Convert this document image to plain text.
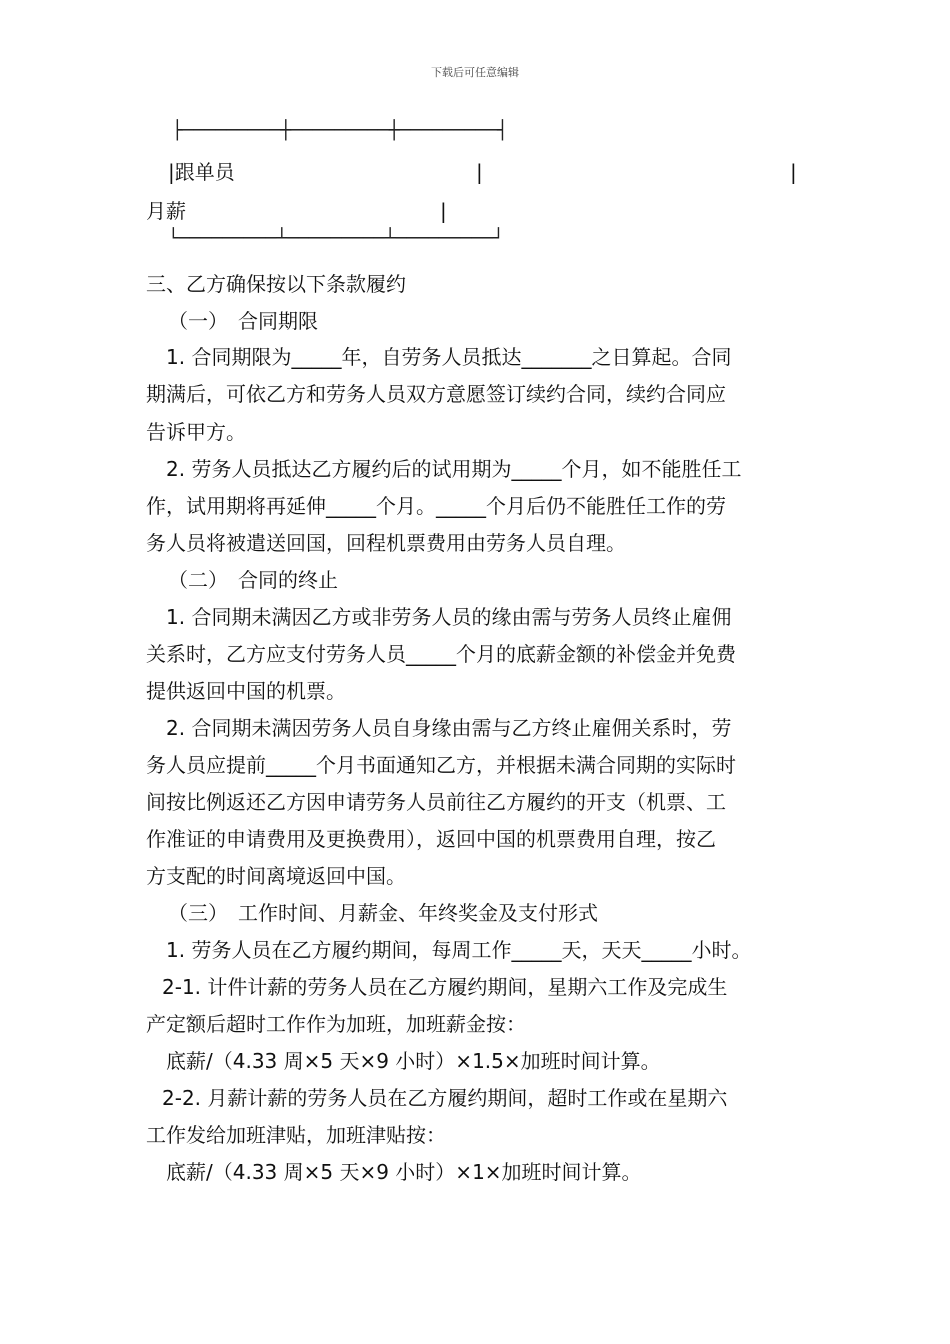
下载后可任意编辑
├─────────┼─────────┼─────────┤
|跟单员	|	|
月薪	|
└─────────┴─────────┴─────────┘
三、乙方确保按以下条款履约
（一）　合同期限
1. 合同期限为_____年，自劳务人员抵达_______之日算起。合同
期满后，可依乙方和劳务人员双方意愿签订续约合同，续约合同应
告诉甲方。
2. 劳务人员抵达乙方履约后的试用期为_____个月，如不能胜任工
作，试用期将再延伸_____个月。_____个月后仍不能胜任工作的劳
务人员将被遣送回国，回程机票费用由劳务人员自理。
（二）　合同的终止
1. 合同期未满因乙方或非劳务人员的缘由需与劳务人员终止雇佣
关系时，乙方应支付劳务人员_____个月的底薪金额的补偿金并免费
提供返回中国的机票。
2. 合同期未满因劳务人员自身缘由需与乙方终止雇佣关系时，劳
务人员应提前_____个月书面通知乙方，并根据未满合同期的实际时
间按比例返还乙方因申请劳务人员前往乙方履约的开支（机票、工
作准证的申请费用及更换费用），返回中国的机票费用自理，按乙
方支配的时间离境返回中国。
（三）　工作时间、月薪金、年终奖金及支付形式
1. 劳务人员在乙方履约期间，每周工作_____天，天天_____小时。
2-1. 计件计薪的劳务人员在乙方履约期间，星期六工作及完成生
产定额后超时工作作为加班，加班薪金按：
底薪/（4.33 周×5 天×9 小时）×1.5×加班时间计算。
2-2. 月薪计薪的劳务人员在乙方履约期间，超时工作或在星期六
工作发给加班津贴，加班津贴按：
底薪/（4.33 周×5 天×9 小时）×1×加班时间计算。
